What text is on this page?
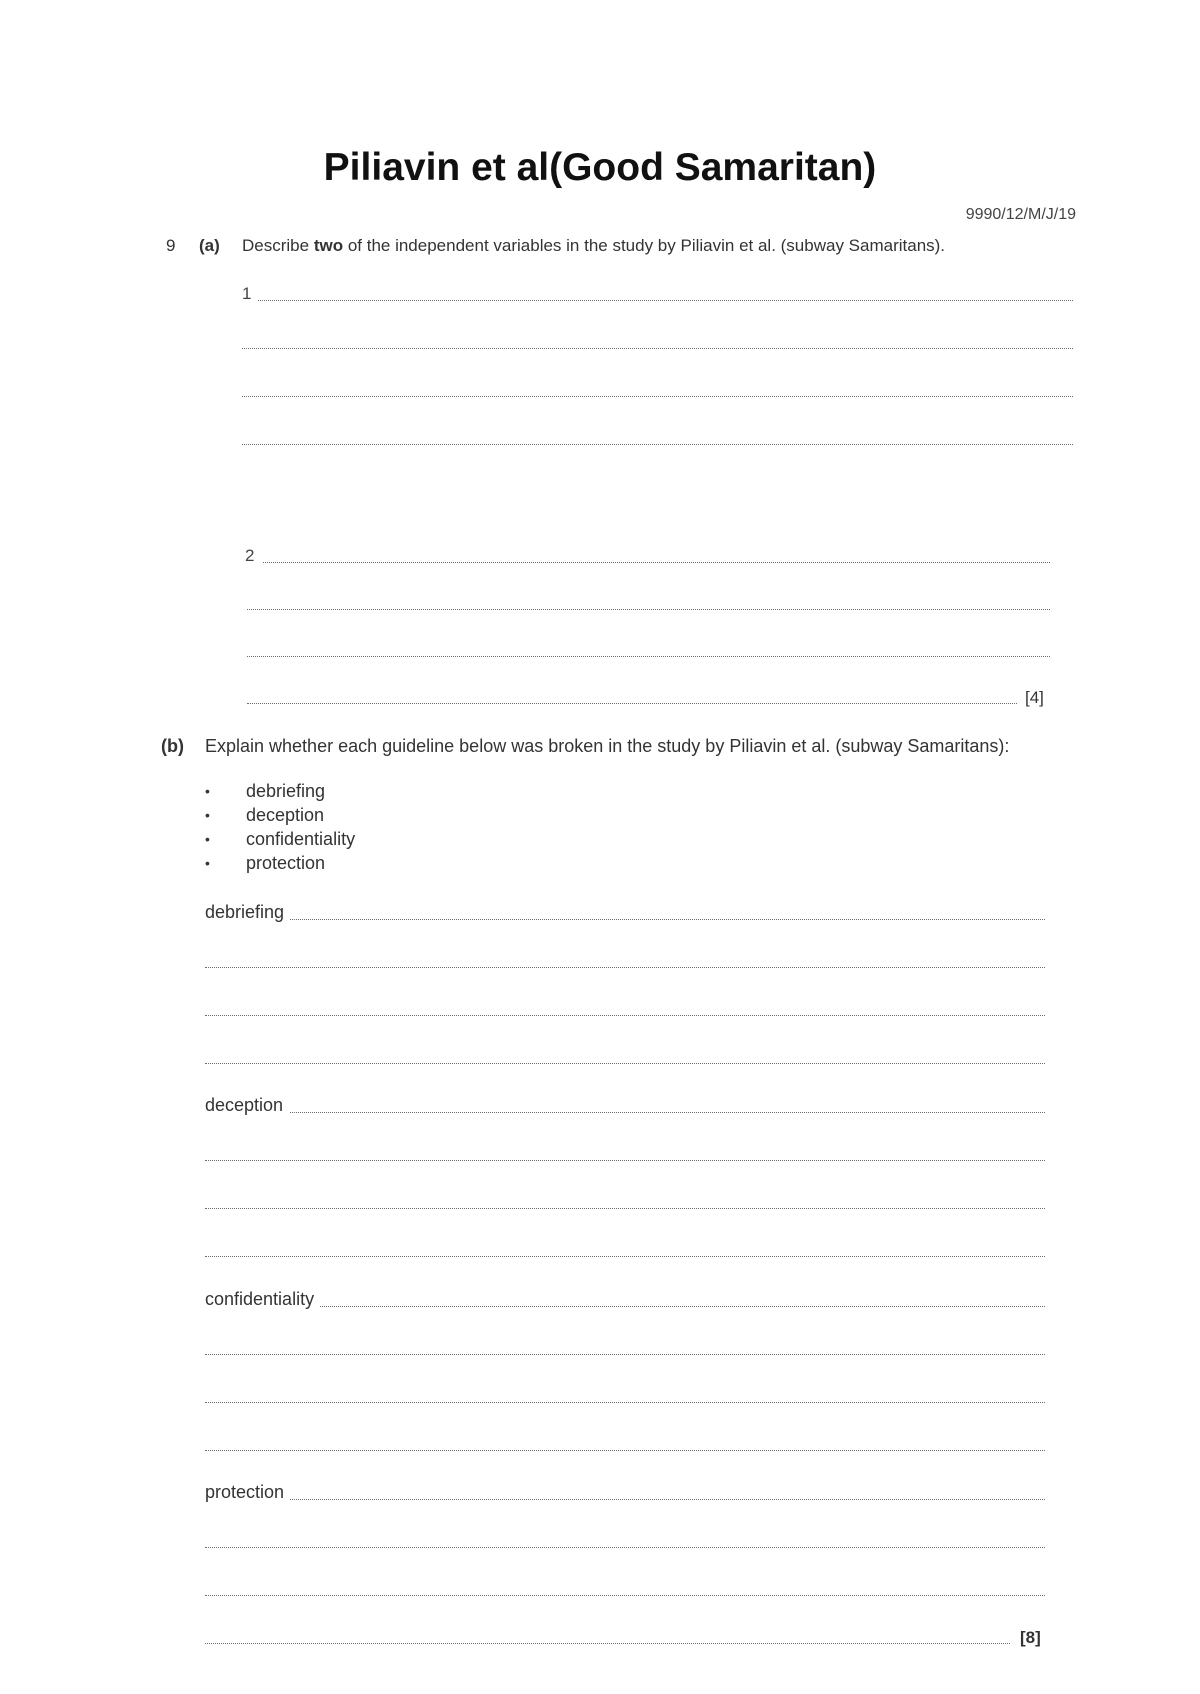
Piliavin et al(Good Samaritan)
9990/12/M/J/19
9 (a) Describe two of the independent variables in the study by Piliavin et al. (subway Samaritans).
1
2
[4]
(b) Explain whether each guideline below was broken in the study by Piliavin et al. (subway Samaritans):
• debriefing
• deception
• confidentiality
• protection
debriefing
deception
confidentiality
protection
[8]
